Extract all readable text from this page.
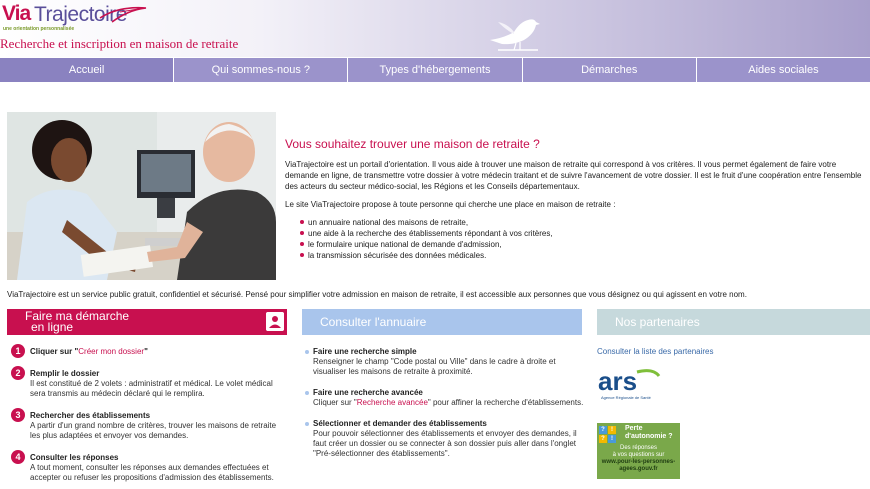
Via Trajectoire
une orientation personnalisée
Recherche et inscription en maison de retraite
Accueil	Qui sommes-nous ?	Types d'hébergements	Démarches	Aides sociales
Vous souhaitez trouver une maison de retraite ?

ViaTrajectoire est un portail d'orientation. Il vous aide à trouver une maison de retraite qui correspond à vos critères. Il vous permet également de faire votre demande en ligne, de transmettre votre dossier à votre médecin traitant et de suivre l'avancement de votre dossier. Il est le fruit d'une coopération entre l'ensemble des acteurs du secteur médico-social, les Régions et les Conseils départementaux.

Le site ViaTrajectoire propose à toute personne qui cherche une place en maison de retraite :

un annuaire national des maisons de retraite,
une aide à la recherche des établissements répondant à vos critères,
le formulaire unique national de demande d'admission,
la transmission sécurisée des données médicales.
ViaTrajectoire est un service public gratuit, confidentiel et sécurisé. Pensé pour simplifier votre admission en maison de retraite, il est accessible aux personnes que vous désignez ou qui agissent en votre nom.
Faire ma démarche
en ligne	Consulter l'annuaire	Nos partenaires
1	Cliquer sur "Créer mon dossier"
2	Remplir le dossier
Il est constitué de 2 volets : administratif et médical. Le volet médical sera transmis au médecin déclaré qui le remplira.
3	Rechercher des établissements
A partir d'un grand nombre de critères, trouver les maisons de retraite les plus adaptées et envoyer vos demandes.
4	Consulter les réponses
A tout moment, consulter les réponses aux demandes effectuées et accepter ou refuser les propositions d'admission des établissements.
Faire une recherche simple
Renseigner le champ "Code postal ou Ville" dans le cadre à droite et visualiser les maisons de retraite à proximité.
Faire une recherche avancée
Cliquer sur "Recherche avancée" pour affiner la recherche d'établissements.
Sélectionner et demander des établissements
Pour pouvoir sélectionner des établissements et envoyer des demandes, il faut créer un dossier ou se connecter à son dossier puis aller dans l'onglet "Pré-sélectionner des établissements".
Consulter la liste des partenaires
ars
Agence Régionale de Santé
?	!
?	!
Perte
d'autonomie ?
Des réponses
à vos questions sur
www.pour-les-personnes-
agees.gouv.fr
